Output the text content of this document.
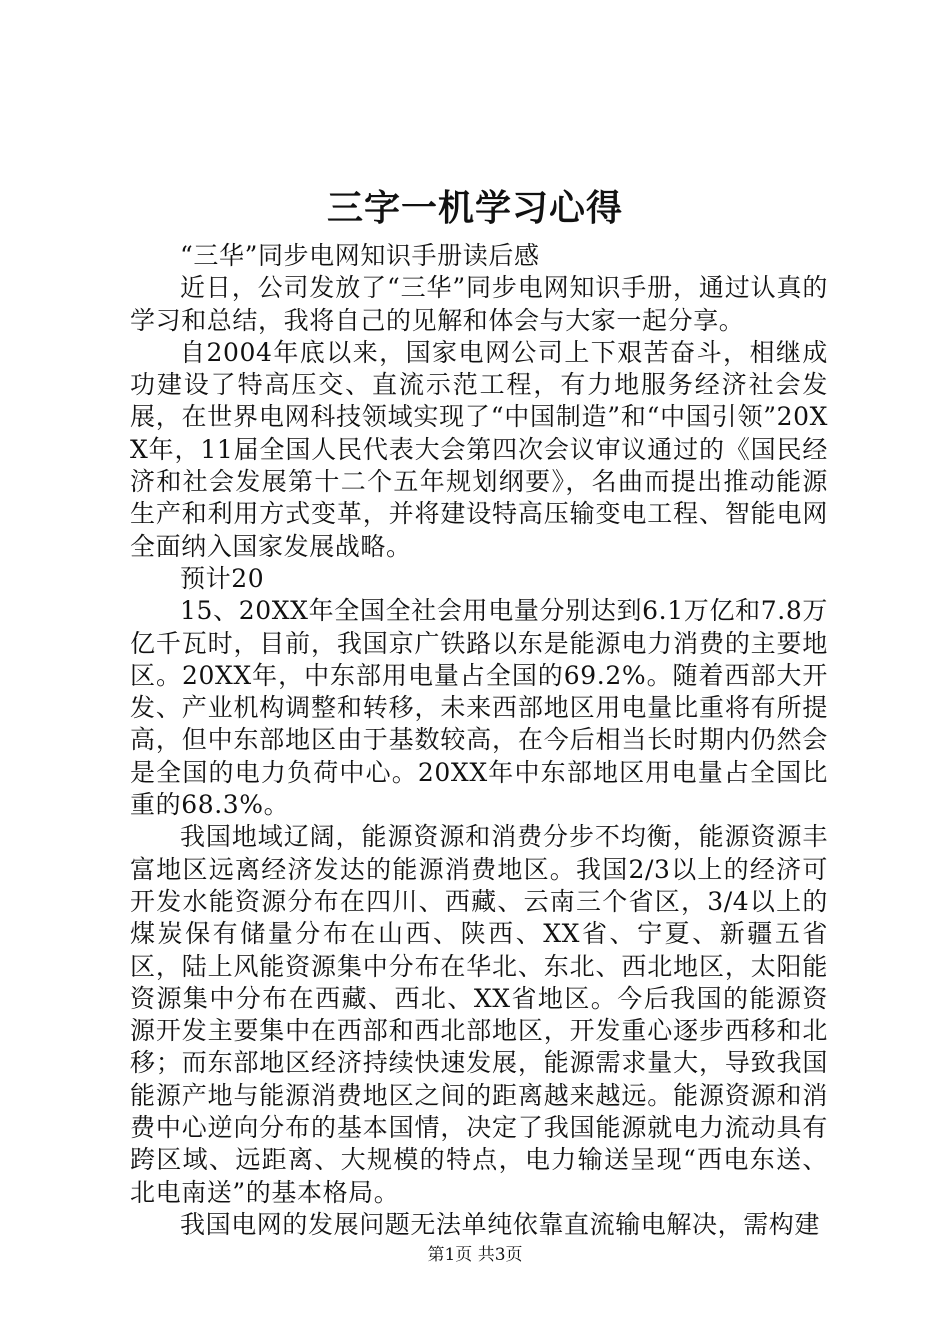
三字一机学习心得

“三华”同步电网知识手册读后感

近日，公司发放了“三华”同步电网知识手册，通过认真的学习和总结，我将自己的见解和体会与大家一起分享。

自2004年底以来，国家电网公司上下艰苦奋斗，相继成功建设了特高压交、直流示范工程，有力地服务经济社会发展，在世界电网科技领域实现了“中国制造”和“中国引领”20XX年，11届全国人民代表大会第四次会议审议通过的《国民经济和社会发展第十二个五年规划纲要》，名曲而提出推动能源生产和利用方式变革，并将建设特高压输变电工程、智能电网全面纳入国家发展战略。

预计20

15、20XX年全国全社会用电量分别达到6.1万亿和7.8万亿千瓦时，目前，我国京广铁路以东是能源电力消费的主要地区。20XX年，中东部用电量占全国的69.2%。随着西部大开发、产业机构调整和转移，未来西部地区用电量比重将有所提高，但中东部地区由于基数较高，在今后相当长时期内仍然会是全国的电力负荷中心。20XX年中东部地区用电量占全国比重的68.3%。

我国地域辽阔，能源资源和消费分步不均衡，能源资源丰富地区远离经济发达的能源消费地区。我国2/3以上的经济可开发水能资源分布在四川、西藏、云南三个省区，3/4以上的煤炭保有储量分布在山西、陕西、XX省、宁夏、新疆五省区，陆上风能资源集中分布在华北、东北、西北地区，太阳能资源集中分布在西藏、西北、XX省地区。今后我国的能源资源开发主要集中在西部和西北部地区，开发重心逐步西移和北移；而东部地区经济持续快速发展，能源需求量大，导致我国能源产地与能源消费地区之间的距离越来越远。能源资源和消费中心逆向分布的基本国情，决定了我国能源就电力流动具有跨区域、远距离、大规模的特点，电力输送呈现“西电东送、北电南送”的基本格局。

我国电网的发展问题无法单纯依靠直流输电解决，需构建

第1页 共3页
